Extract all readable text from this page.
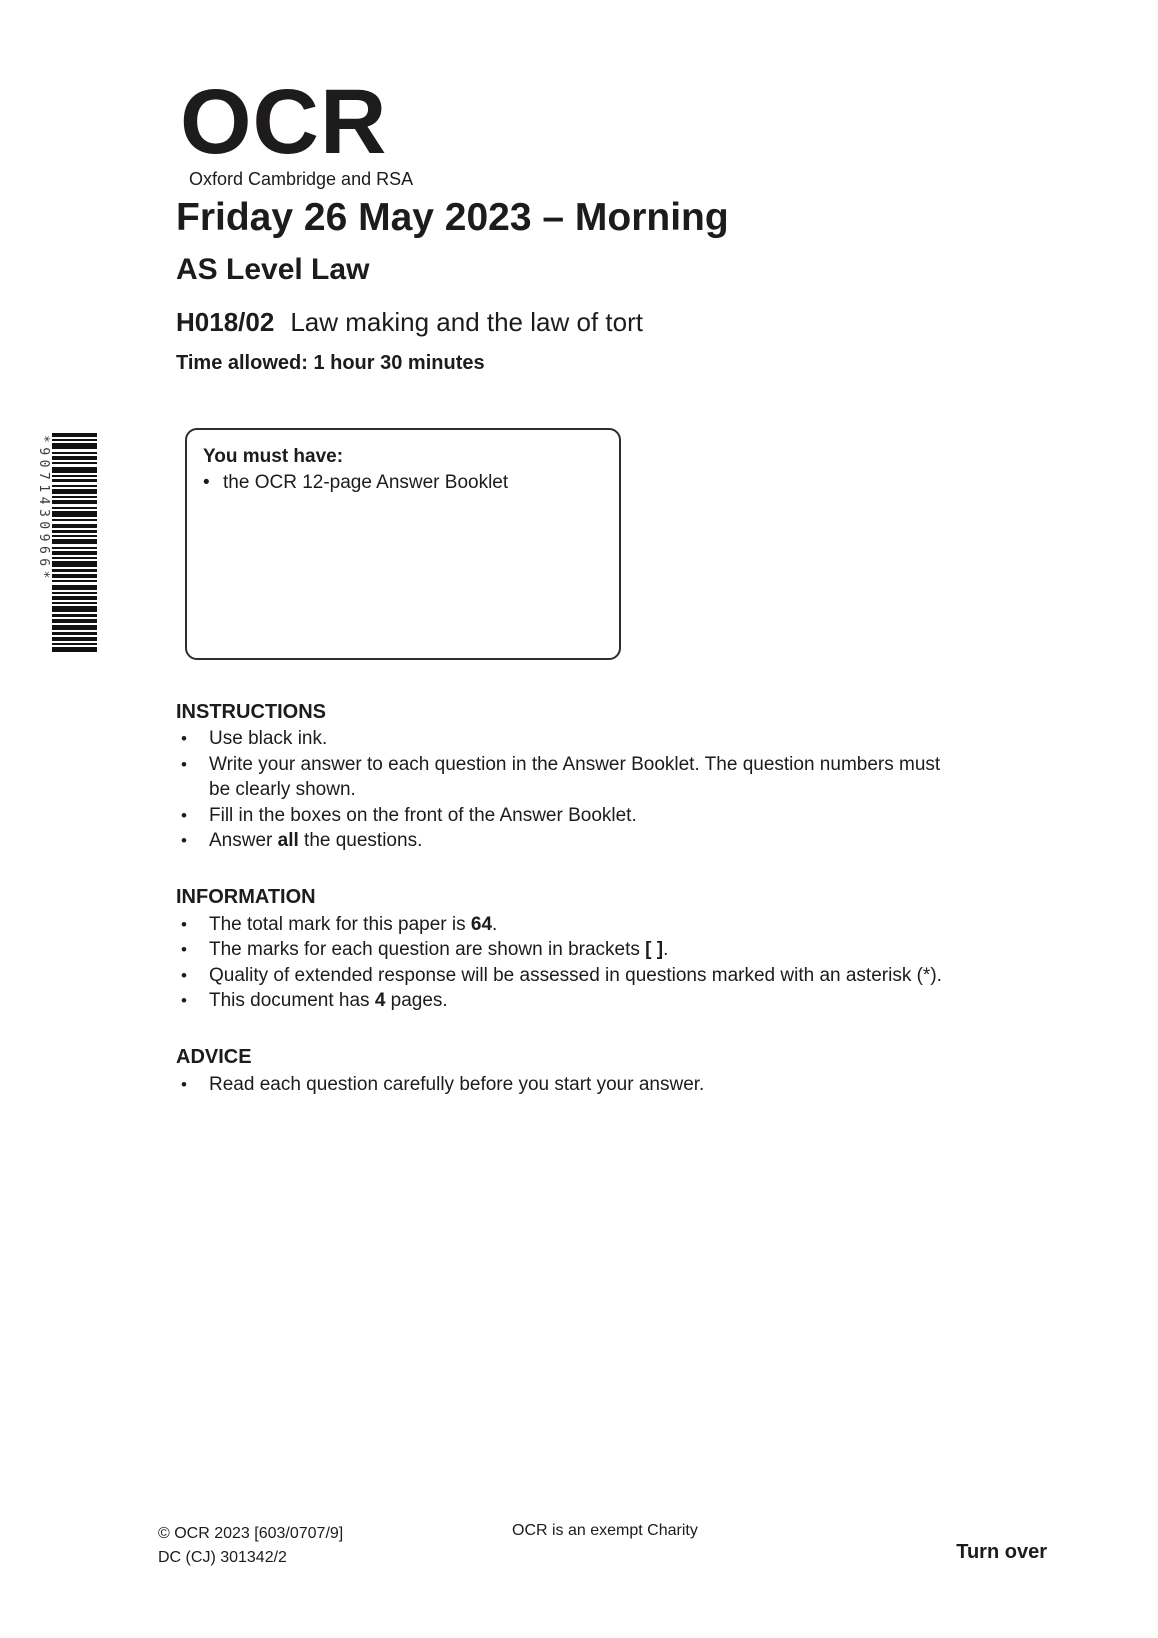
OCR
Oxford Cambridge and RSA
Friday 26 May 2023 – Morning
AS Level Law
H018/02 Law making and the law of tort
Time allowed: 1 hour 30 minutes
*9071430966*	You must have:
• the OCR 12-page Answer Booklet
INSTRUCTIONS
• Use black ink.
• Write your answer to each question in the Answer Booklet. The question numbers must
be clearly shown.
• Fill in the boxes on the front of the Answer Booklet.
• Answer all the questions.
INFORMATION
• The total mark for this paper is 64.
• The marks for each question are shown in brackets [ ].
• Quality of extended response will be assessed in questions marked with an asterisk (*).
• This document has 4 pages.
ADVICE
• Read each question carefully before you start your answer.
© OCR 2023 [603/0707/9]
DC (CJ) 301342/2
OCR is an exempt Charity
Turn over
